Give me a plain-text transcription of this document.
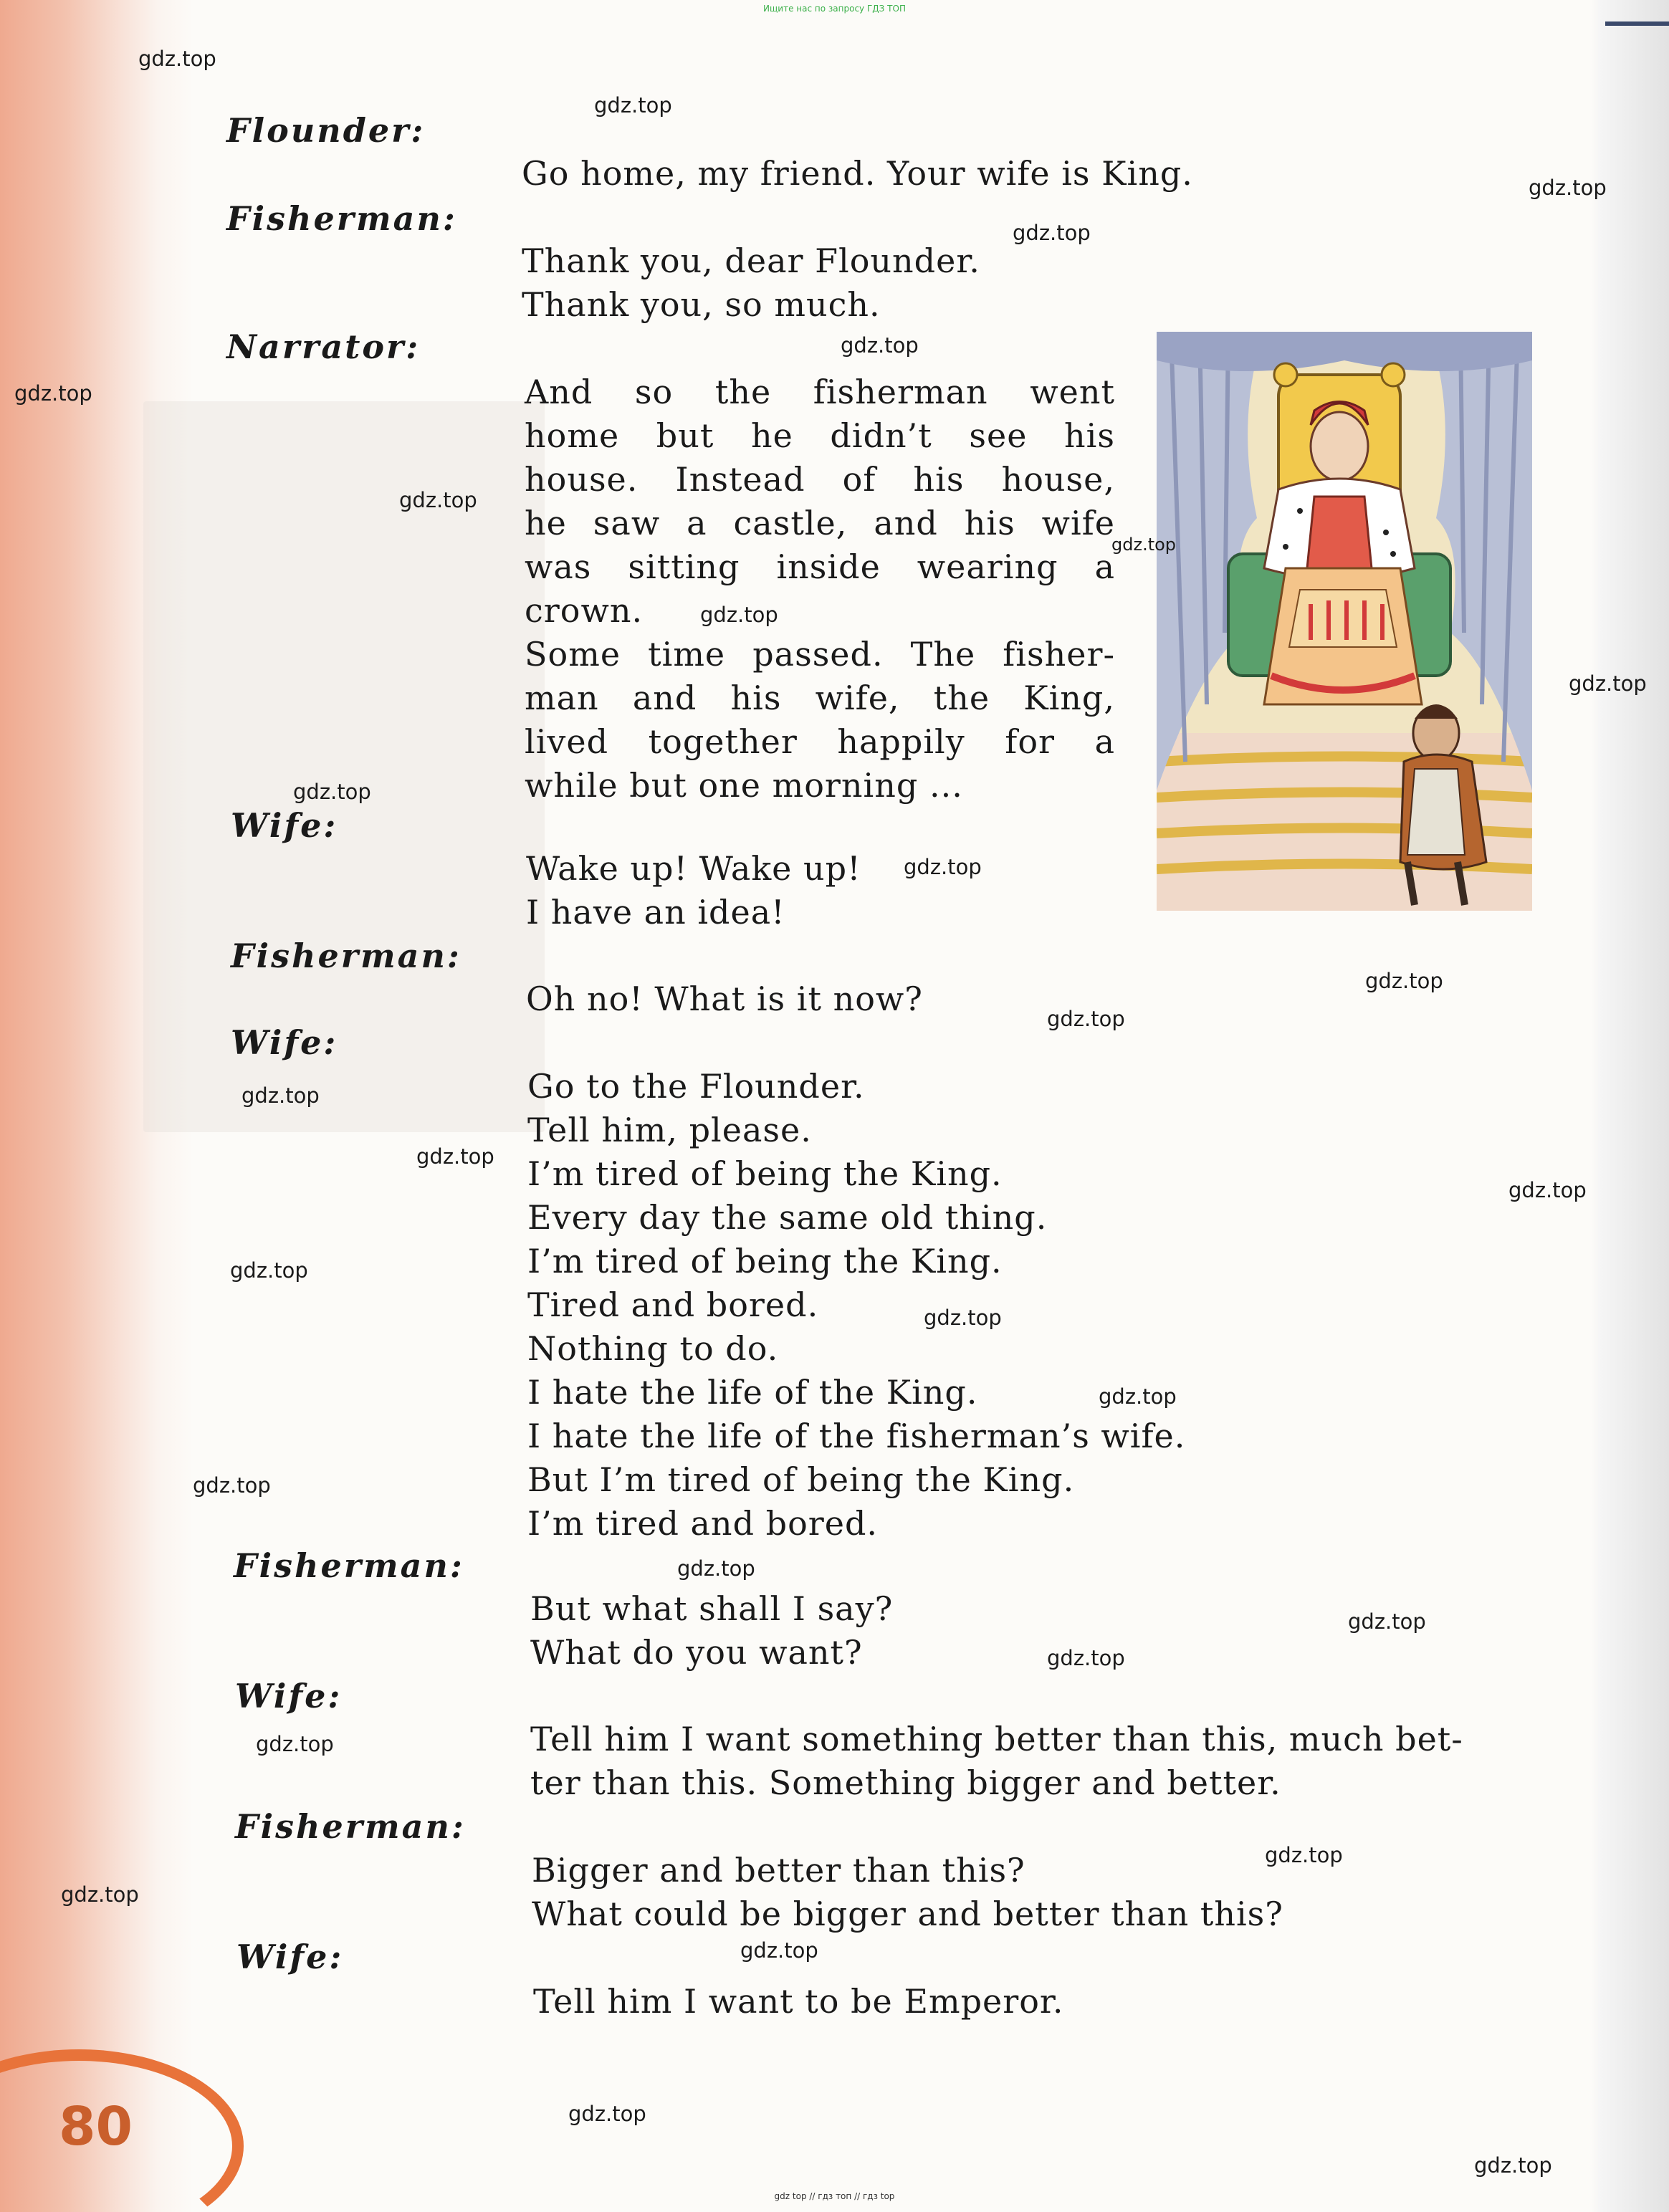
Ищите нас по запросу ГДЗ ТОП
Flounder:
Go home, my friend. Your wife is King.
Fisherman:
Thank you, dear Flounder.
Thank you, so much.
Narrator:
And so the fisherman went
home but he didn’t see his
house. Instead of his house,
he saw a castle, and his wife
was sitting inside wearing a
crown.
Some time passed. The fisher-
man and his wife, the King,
lived together happily for a
while but one morning ...
Wife:
Wake up! Wake up!
I have an idea!
Fisherman:
Oh no! What is it now?
Wife:
Go to the Flounder.
Tell him, please.
I’m tired of being the King.
Every day the same old thing.
I’m tired of being the King.
Tired and bored.
Nothing to do.
I hate the life of the King.
I hate the life of the fisherman’s wife.
But I’m tired of being the King.
I’m tired and bored.
Fisherman:
But what shall I say?
What do you want?
Wife:
Tell him I want something better than this, much bet-
ter than this. Something bigger and better.
Fisherman:
Bigger and better than this?
What could be bigger and better than this?
Wife:
Tell him I want to be Emperor.
80
gdz.top
gdz.top
gdz.top
gdz.top
gdz.top
gdz.top
gdz.top
gdz.top
gdz.top
gdz.top
gdz.top
gdz.top
gdz.top
gdz.top
gdz.top
gdz.top
gdz.top
gdz.top
gdz.top
gdz.top
gdz.top
gdz.top
gdz.top
gdz.top
gdz.top
gdz.top
gdz.top
gdz.top
gdz.top
gdz.top
gdz top // гдз топ // гдз top
